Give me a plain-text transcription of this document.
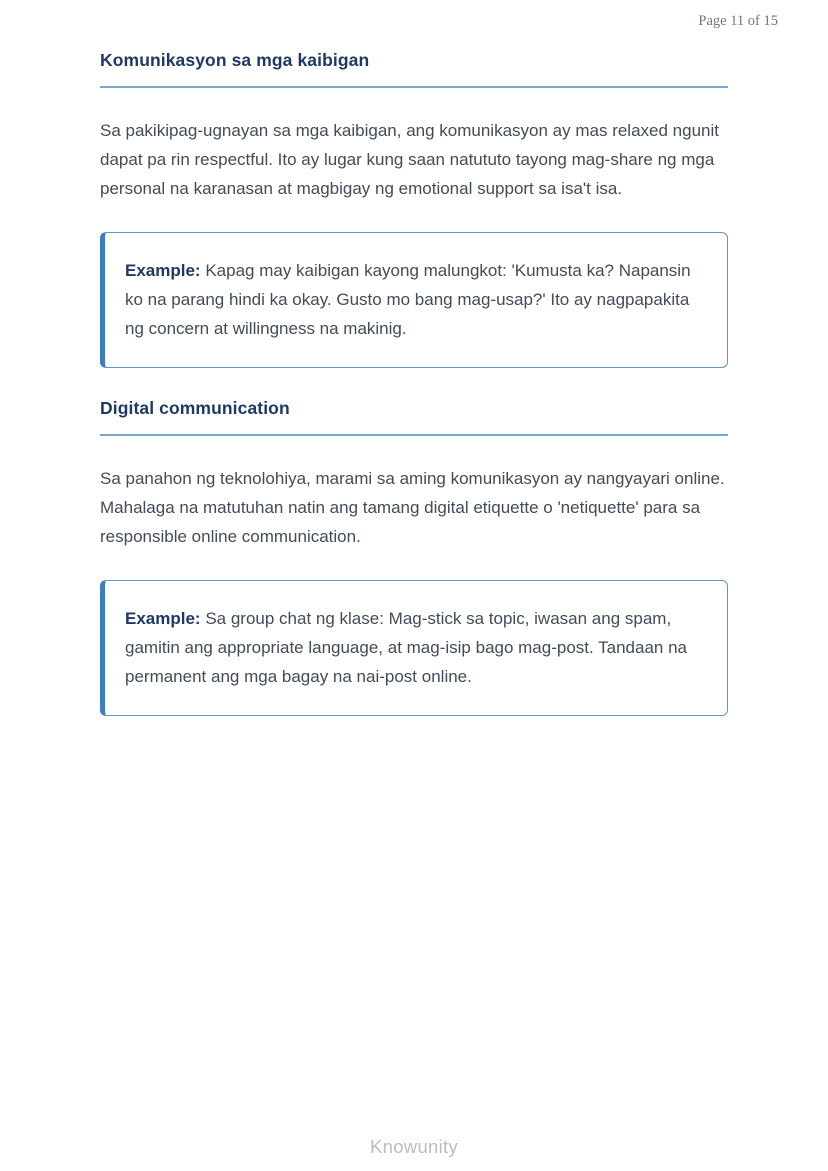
Page 11 of 15
Komunikasyon sa mga kaibigan

Sa pakikipag-ugnayan sa mga kaibigan, ang komunikasyon ay mas relaxed ngunit dapat pa rin respectful. Ito ay lugar kung saan natututo tayong mag-share ng mga personal na karanasan at magbigay ng emotional support sa isa't isa.

Example: Kapag may kaibigan kayong malungkot: 'Kumusta ka? Napansin ko na parang hindi ka okay. Gusto mo bang mag-usap?' Ito ay nagpapakita ng concern at willingness na makinig.

Digital communication

Sa panahon ng teknolohiya, marami sa aming komunikasyon ay nangyayari online. Mahalaga na matutuhan natin ang tamang digital etiquette o 'netiquette' para sa responsible online communication.

Example: Sa group chat ng klase: Mag-stick sa topic, iwasan ang spam, gamitin ang appropriate language, at mag-isip bago mag-post. Tandaan na permanent ang mga bagay na nai-post online.

Knowunity
